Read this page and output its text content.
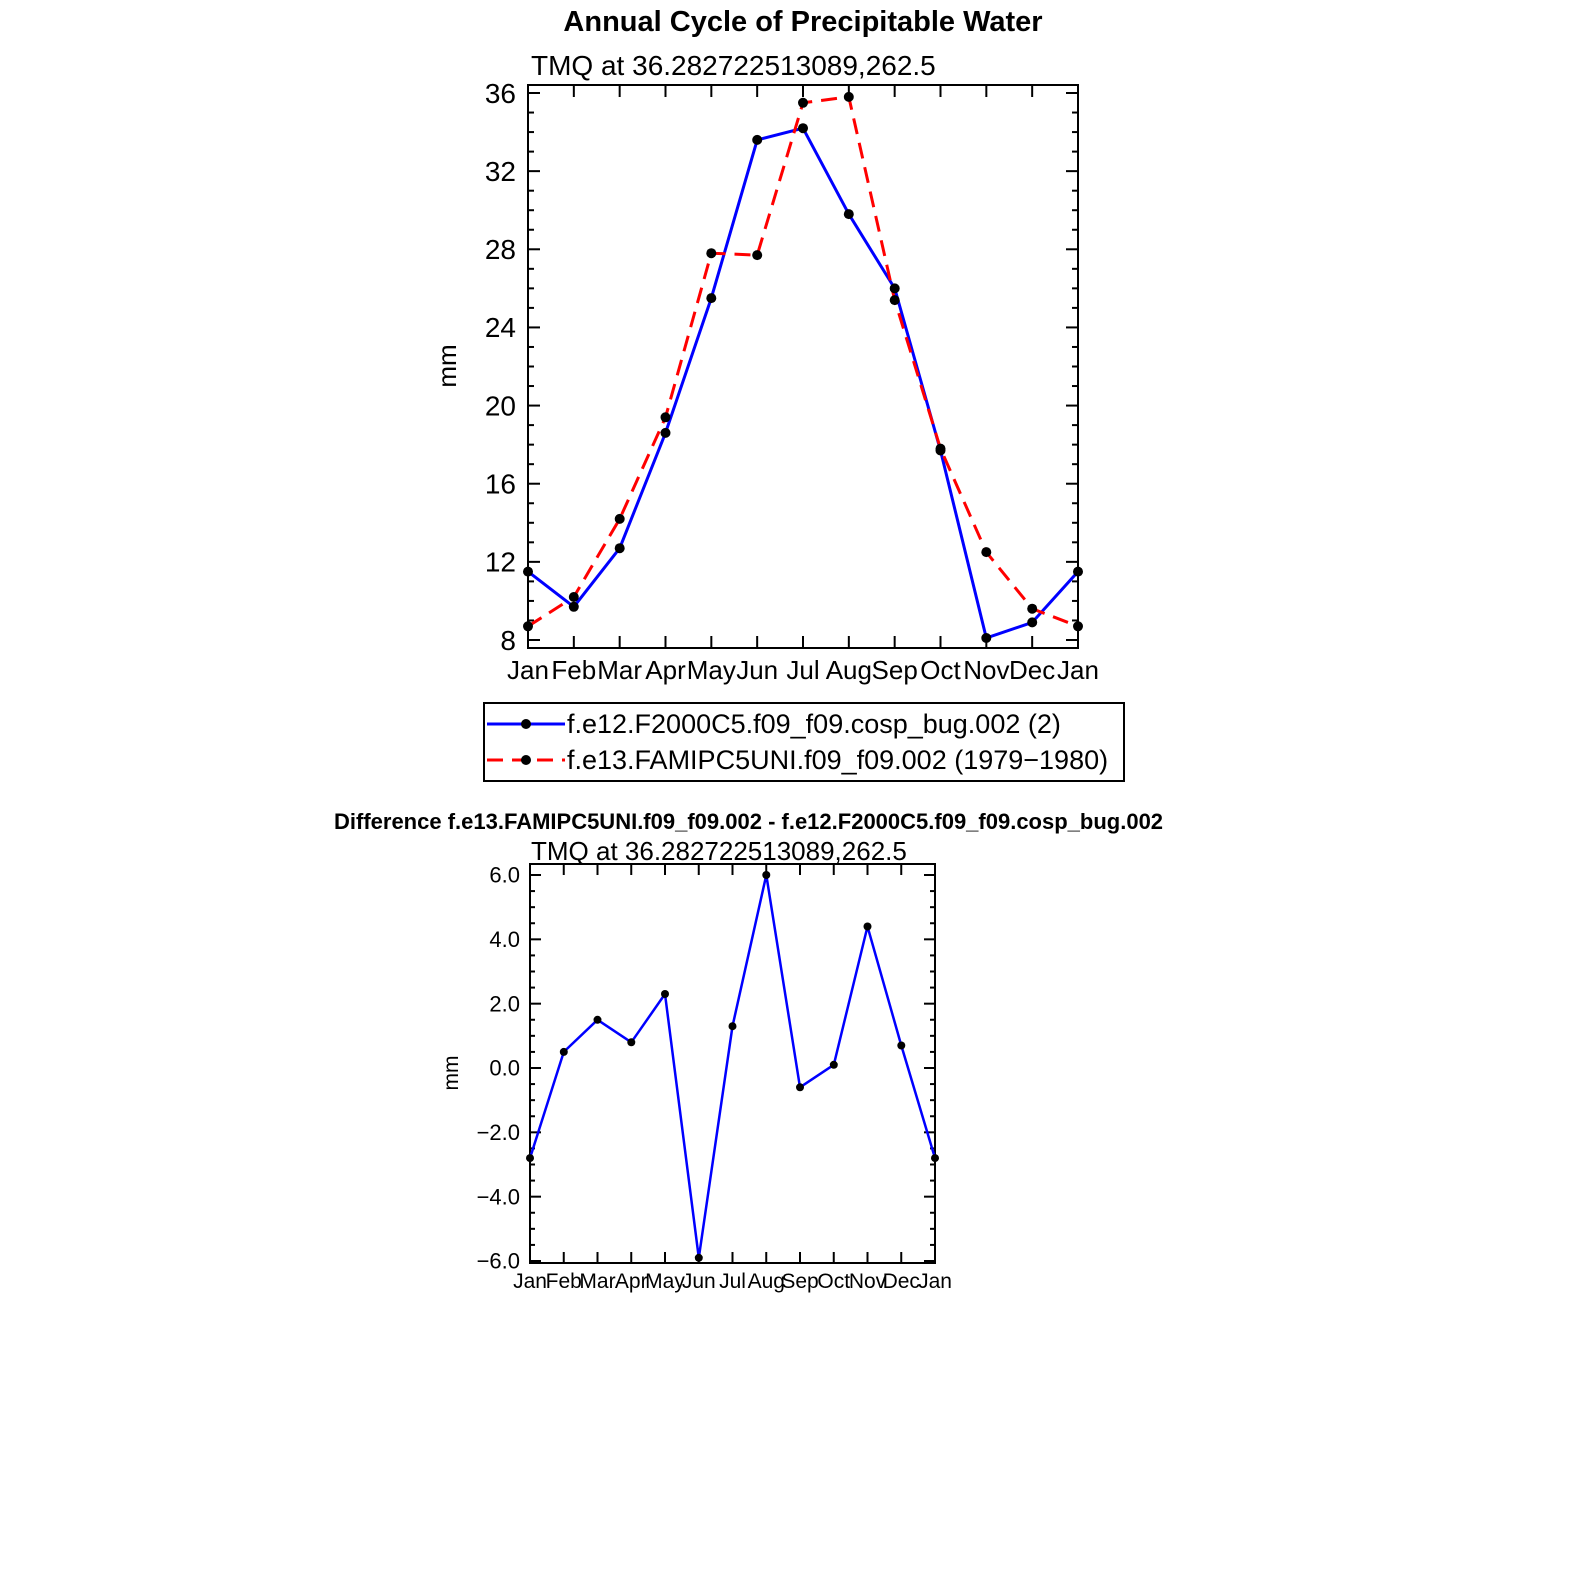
Annual Cycle of Precipitable Water
TMQ at 36.282722513089,262.5
8
12
16
20
24
28
32
36
Jan Feb Mar Apr May Jun Jul Aug Sep Oct Nov Dec Jan
mm
f.e12.F2000C5.f09_f09.cosp_bug.002 (2)
f.e13.FAMIPC5UNI.f09_f09.002 (1979−1980)
Difference f.e13.FAMIPC5UNI.f09_f09.002 - f.e12.F2000C5.f09_f09.cosp_bug.002
TMQ at 36.282722513089,262.5
−6.0
−4.0
−2.0
0.0
2.0
4.0
6.0
Jan
Feb
Mar Apr
May
Jun Jul Aug
Sep
Oct
Nov
Dec
Jan
mm
